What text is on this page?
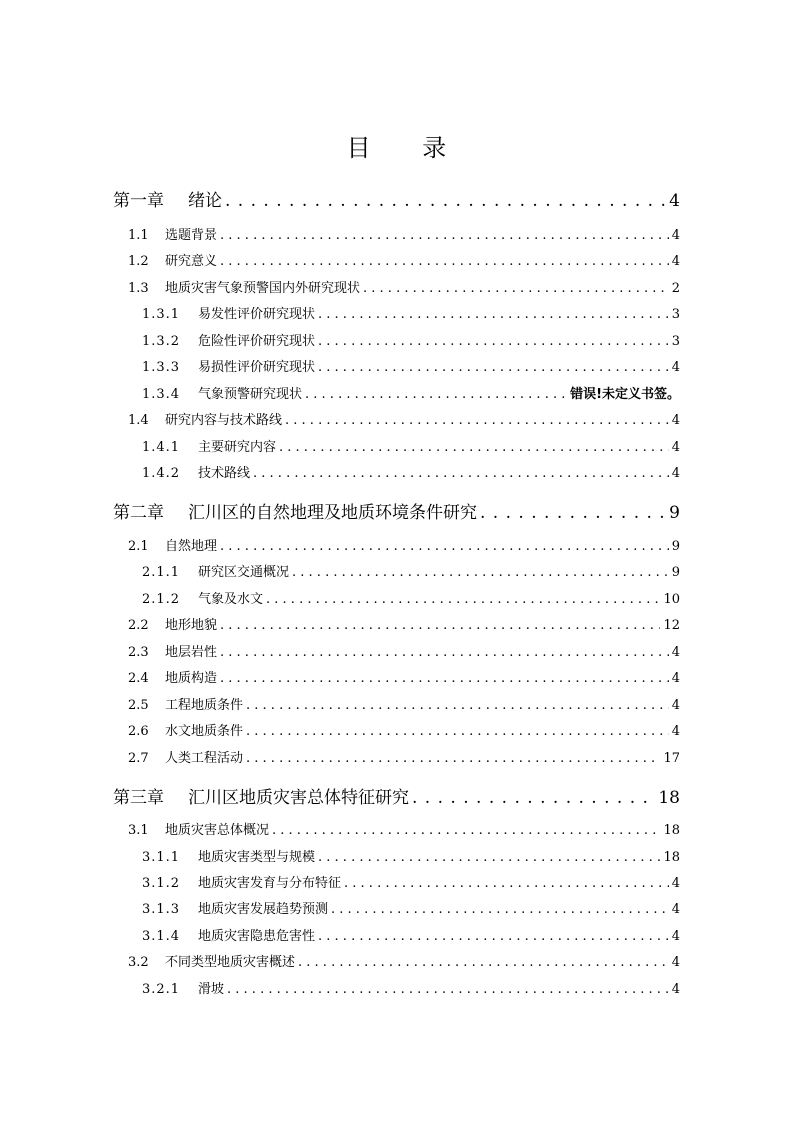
目 录
第一章	绪论 . . .	4
1.1	选题背景 . . .	4
1.2	研究意义 . . .	4
1.3	地质灾害气象预警国内外研究现状 . . .	2
1.3.1	易发性评价研究现状 . . .	3
1.3.2	危险性评价研究现状 . . .	3
1.3.3	易损性评价研究现状 . . .	4
1.3.4	气象预警研究现状 . . .	错误!未定义书签。
1.4	研究内容与技术路线 . . .	4
1.4.1	主要研究内容 . . .	4
1.4.2	技术路线 . . .	4
第二章	汇川区的自然地理及地质环境条件研究 . . .	9
2.1	自然地理 . . .	9
2.1.1	研究区交通概况 . . .	9
2.1.2	气象及水文 . . .	10
2.2	地形地貌 . . .	12
2.3	地层岩性 . . .	4
2.4	地质构造 . . .	4
2.5	工程地质条件 . . .	4
2.6	水文地质条件 . . .	4
2.7	人类工程活动 . . .	17
第三章	汇川区地质灾害总体特征研究 . . .	18
3.1	地质灾害总体概况 . . .	18
3.1.1	地质灾害类型与规模 . . .	18
3.1.2	地质灾害发育与分布特征 . . .	4
3.1.3	地质灾害发展趋势预测 . . .	4
3.1.4	地质灾害隐患危害性 . . .	4
3.2	不同类型地质灾害概述 . . .	4
3.2.1	滑坡 . . .	4
